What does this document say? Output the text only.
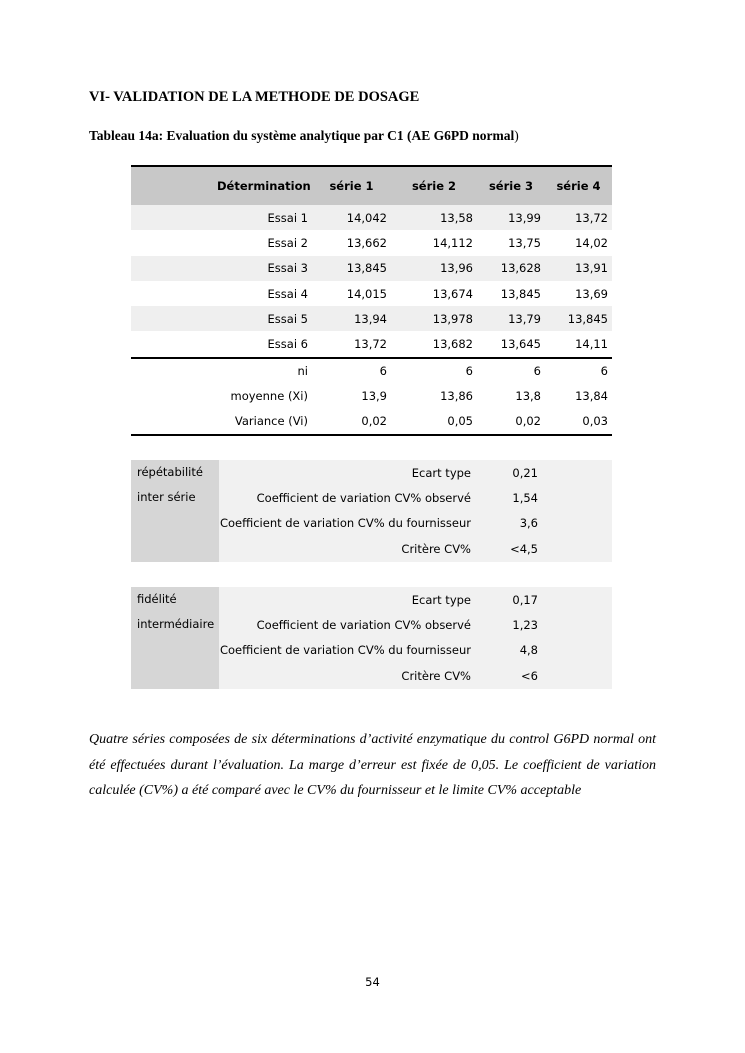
VI- VALIDATION DE LA METHODE DE DOSAGE
Tableau 14a: Evaluation du système analytique par C1 (AE G6PD normal)
Détermination	série 1	série 2	série 3	série 4
Essai 1	14,042	13,58	13,99	13,72
Essai 2	13,662	14,112	13,75	14,02
Essai 3	13,845	13,96	13,628	13,91
Essai 4	14,015	13,674	13,845	13,69
Essai 5	13,94	13,978	13,79	13,845
Essai 6	13,72	13,682	13,645	14,11
ni	6	6	6	6
moyenne (Xi)	13,9	13,86	13,8	13,84
Variance (Vi)	0,02	0,05	0,02	0,03
répétabilité
inter série
Ecart type	0,21
Coefficient de variation CV% observé	1,54
Coefficient de variation CV% du fournisseur	3,6
Critère CV%	<4,5
fidélité
intermédiaire
Ecart type	0,17
Coefficient de variation CV% observé	1,23
Coefficient de variation CV% du fournisseur	4,8
Critère CV%	<6
Quatre séries composées de six déterminations d’activité enzymatique du control G6PD normal ont été effectuées durant l’évaluation. La marge d’erreur est fixée de 0,05. Le coefficient de variation calculée (CV%) a été comparé avec le CV% du fournisseur et le limite CV% acceptable
54
